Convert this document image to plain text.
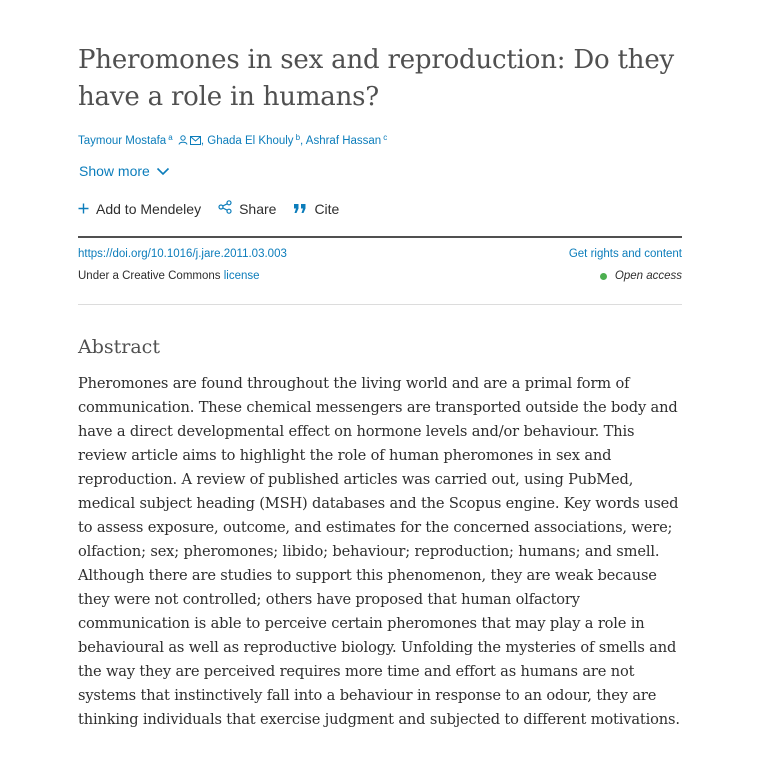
Pheromones in sex and reproduction: Do they have a role in humans?
Taymour Mostafa $^a$ , Ghada El Khouly $^b$, Ashraf Hassan $^c$
Show more
Add to Mendeley	Share	Cite
https://doi.org/10.1016/j.jare.2011.03.003
Under a Creative Commons license
Get rights and content
Open access
Abstract

Pheromones are found throughout the living world and are a primal form of communication. These chemical messengers are transported outside the body and have a direct developmental effect on hormone levels and/or behaviour. This review article aims to highlight the role of human pheromones in sex and reproduction. A review of published articles was carried out, using PubMed, medical subject heading (MSH) databases and the Scopus engine. Key words used to assess exposure, outcome, and estimates for the concerned associations, were; olfaction; sex; pheromones; libido; behaviour; reproduction; humans; and smell. Although there are studies to support this phenomenon, they are weak because they were not controlled; others have proposed that human olfactory communication is able to perceive certain pheromones that may play a role in behavioural as well as reproductive biology. Unfolding the mysteries of smells and the way they are perceived requires more time and effort as humans are not systems that instinctively fall into a behaviour in response to an odour, they are thinking individuals that exercise judgment and subjected to different motivations.
